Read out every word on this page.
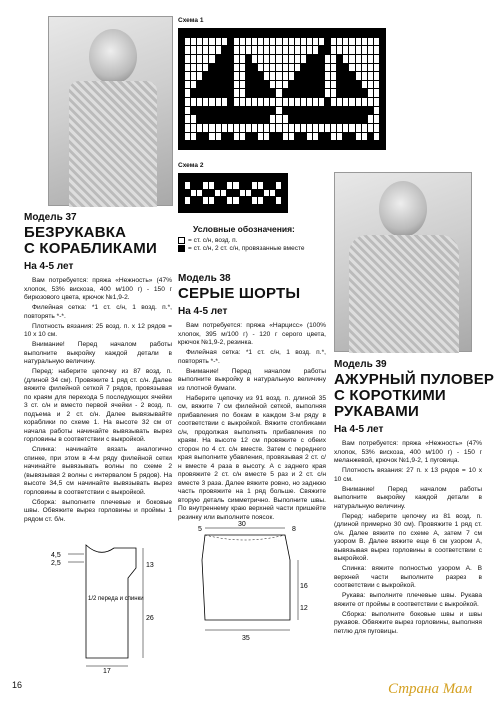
Схема 1
Схема 2
Условные обозначения:
= ст. с/н, возд. п.
= ст. с/н, 2 ст. с/н, провязанные вместе
Модель 37
БЕЗРУКАВКА
С КОРАБЛИКАМИ
На 4-5 лет

Вам потребуется: пряжа «Нежность» (47% хлопок, 53% вискоза, 400 м/100 г) - 150 г бирюзового цвета, крючок №1,9-2.

Филейная сетка: *1 ст. с/н, 1 возд. п.*, повторять *-*.

Плотность вязания: 25 возд. п. х 12 рядов = 10 х 10 см.

Внимание! Перед началом работы выполните выкройку каждой детали в натуральную величину.

Перед: наберите цепочку из 87 возд. п. (длиной 34 см). Провяжите 1 ряд ст. с/н. Далее вяжите филейной сеткой 7 рядов, провязывая по краям для перехода 5 последующих ячейки 3 ст. с/н и вместо первой ячейки - 2 возд. п. подъема и 2 ст. с/н. Далее вывязывайте кораблики по схеме 1. На высоте 32 см от начала работы начинайте вывязывать вырез горловины в соответствии с выкройкой.

Спинка: начинайте вязать аналогично спинке, при этом в 4-м ряду филейной сетки начинайте вывязывать волны по схеме 2 (вывязывая 2 волны с интервалом 5 рядов). На высоте 34,5 см начинайте вывязывать вырез горловины в соответствии с выкройкой.

Сборка: выполните плечевые и боковые швы. Обвяжите вырез горловины и проймы 1 рядом ст. б/н.

Модель 38
СЕРЫЕ ШОРТЫ
На 4-5 лет

Вам потребуется: пряжа «Нарцисс» (100% хлопок, 395 м/100 г) - 120 г серого цвета, крючок №1,9-2, резинка.

Филейная сетка: *1 ст. с/н, 1 возд. п.*, повторять *-*.

Внимание! Перед началом работы выполните выкройку в натуральную величину из плотной бумаги.

Наберите цепочку из 91 возд. п. длиной 35 см, вяжите 7 см филейной сеткой, выполняя прибавления по бокам в каждом 3-м ряду в соответствии с выкройкой. Вяжите столбиками с/н, продолжая выполнять прибавления по краям. На высоте 12 см провяжите с обеих сторон по 4 ст. с/н вместе. Затем с переднего края выполните убавления, провязывая 2 ст. с/н вместе 4 раза в высоту. А с заднего края провяжите 2 ст. с/н вместе 5 раз и 2 ст. с/н вместе 3 раза. Далее вяжите ровно, но заднюю часть провяжите на 1 ряд больше. Свяжите вторую деталь симметрично. Выполните швы. По внутреннему краю верхней части пришейте резинку или выполните поясок.

Модель 39
АЖУРНЫЙ ПУЛОВЕР
С КОРОТКИМИ
РУКАВАМИ
На 4-5 лет

Вам потребуется: пряжа «Нежность» (47% хлопок, 53% вискоза, 400 м/100 г) - 150 г меланжевой, крючок №1,9-2, 1 пуговица.

Плотность вязания: 27 п. х 13 рядов = 10 х 10 см.

Внимание! Перед началом работы выполните выкройку каждой детали в натуральную величину.

Перед: наберите цепочку из 81 возд. п. (длиной примерно 30 см). Провяжите 1 ряд ст. с/н. Далее вяжите по схеме А, затем 7 см узором В. Далее вяжите еще 6 см узором А, вывязывая вырез горловины в соответствии с выкройкой.

Спинка: вяжите полностью узором А. В верхней части выполните разрез в соответствии с выкройкой.

Рукава: выполните плечевые швы. Рукава вяжите от проймы в соответствии с выкройкой.

Сборка: выполните боковые швы и швы рукавов. Обвяжите вырез горловины, выполняя петлю для пуговицы.

4,5
2,5	13
26
1/2 переда и спинки
17
5
30
8
16
12
35
16	Страна Мам
